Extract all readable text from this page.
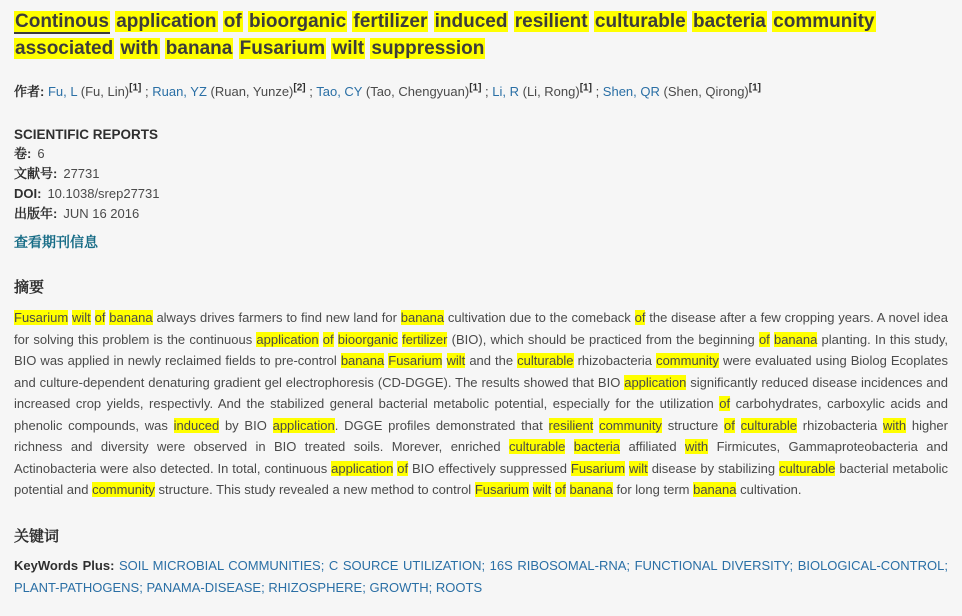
Continous application of bioorganic fertilizer induced resilient culturable bacteria community associated with banana Fusarium wilt suppression

作者: Fu, L (Fu, Lin)[1] ; Ruan, YZ (Ruan, Yunze)[2] ; Tao, CY (Tao, Chengyuan)[1] ; Li, R (Li, Rong)[1] ; Shen, QR (Shen, Qirong)[1]

SCIENTIFIC REPORTS
卷: 6
文献号: 27731
DOI: 10.1038/srep27731
出版年: JUN 16 2016
查看期刊信息
摘要

Fusarium wilt of banana always drives farmers to find new land for banana cultivation due to the comeback of the disease after a few cropping years. A novel idea for solving this problem is the continuous application of bioorganic fertilizer (BIO), which should be practiced from the beginning of banana planting. In this study, BIO was applied in newly reclaimed fields to pre-control banana Fusarium wilt and the culturable rhizobacteria community were evaluated using Biolog Ecoplates and culture-dependent denaturing gradient gel electrophoresis (CD-DGGE). The results showed that BIO application significantly reduced disease incidences and increased crop yields, respectivly. And the stabilized general bacterial metabolic potential, especially for the utilization of carbohydrates, carboxylic acids and phenolic compounds, was induced by BIO application. DGGE profiles demonstrated that resilient community structure of culturable rhizobacteria with higher richness and diversity were observed in BIO treated soils. Morever, enriched culturable bacteria affiliated with Firmicutes, Gammaproteobacteria and Actinobacteria were also detected. In total, continuous application of BIO effectively suppressed Fusarium wilt disease by stabilizing culturable bacterial metabolic potential and community structure. This study revealed a new method to control Fusarium wilt of banana for long term banana cultivation.

关键词

KeyWords Plus: SOIL MICROBIAL COMMUNITIES; C SOURCE UTILIZATION; 16S RIBOSOMAL-RNA; FUNCTIONAL DIVERSITY; BIOLOGICAL-CONTROL; PLANT-PATHOGENS; PANAMA-DISEASE; RHIZOSPHERE; GROWTH; ROOTS
